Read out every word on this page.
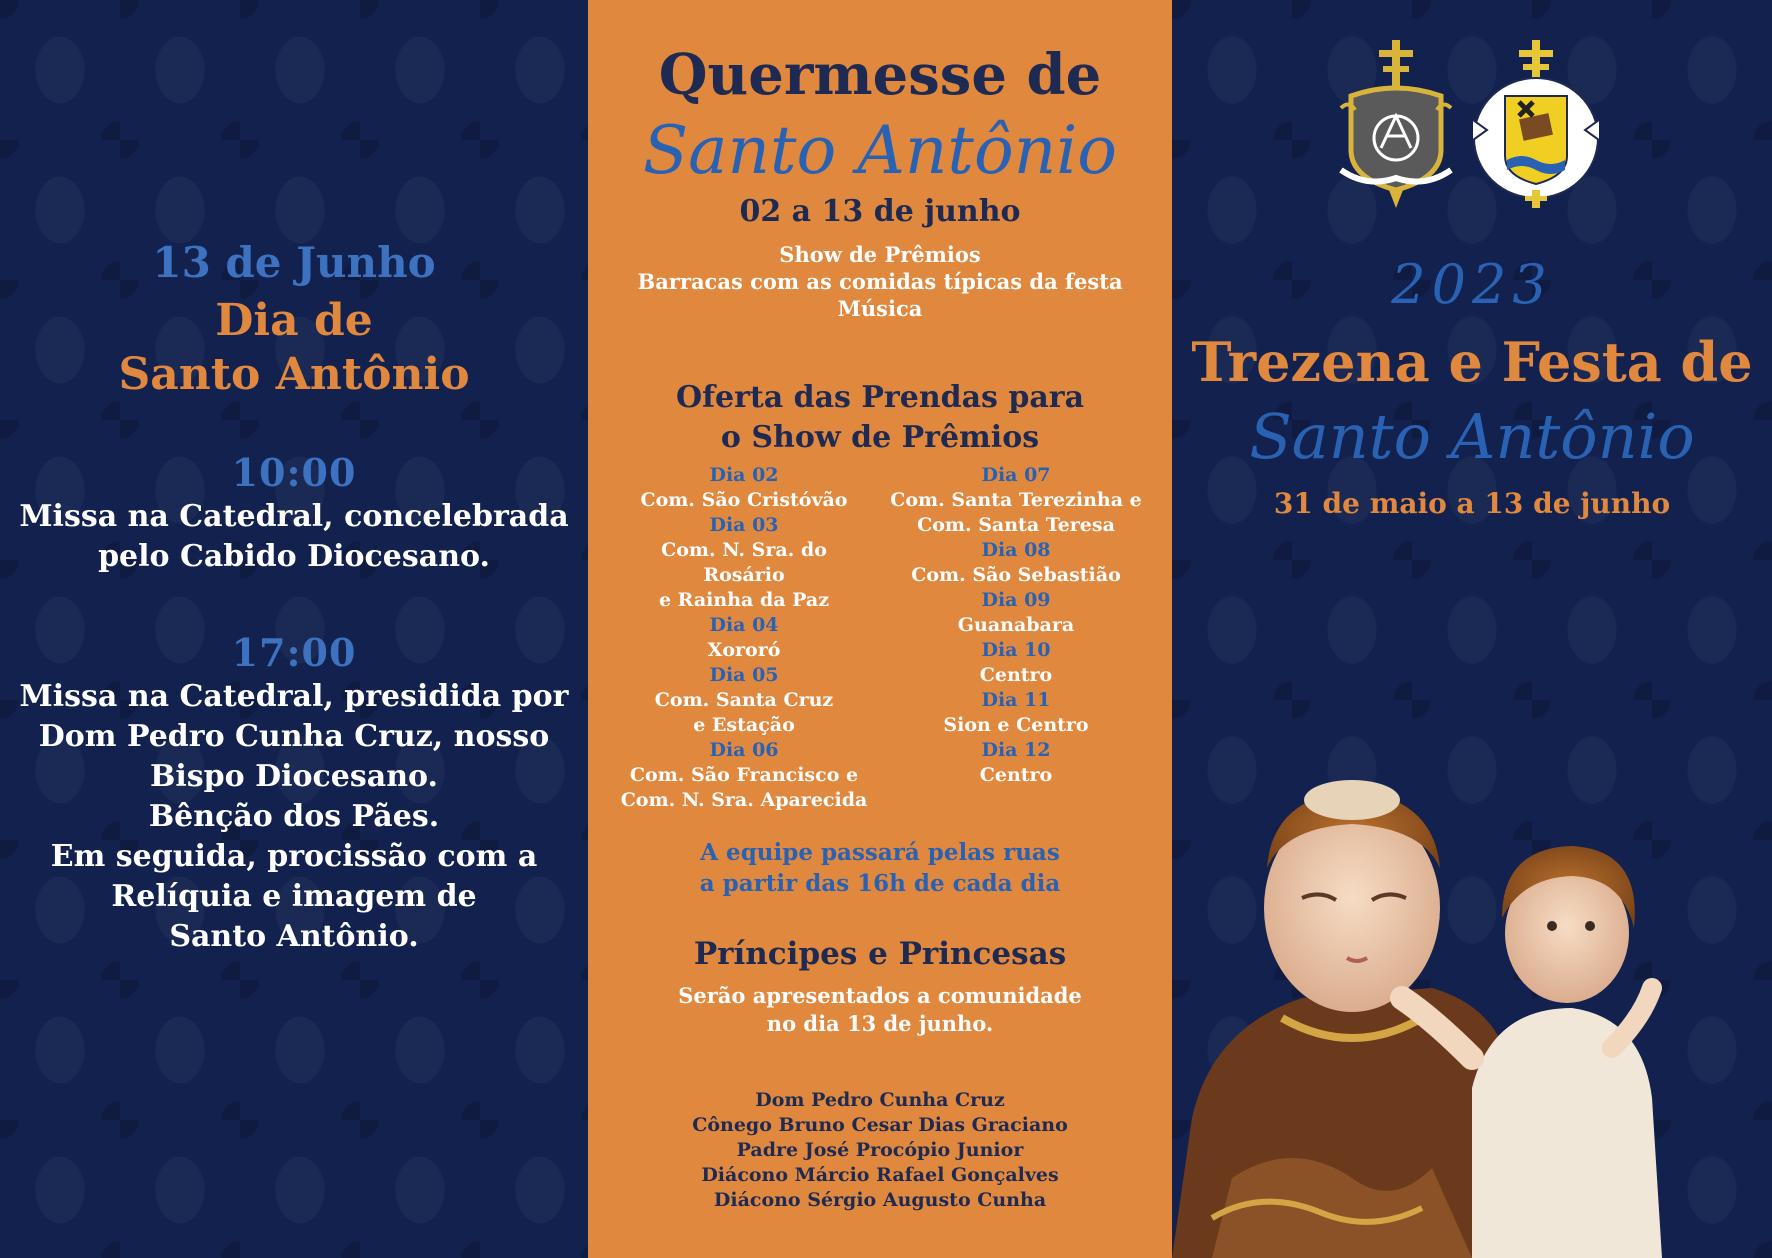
13 de Junho
Dia de
Santo Antônio
10:00
Missa na Catedral, concelebrada
pelo Cabido Diocesano.
17:00
Missa na Catedral, presidida por
Dom Pedro Cunha Cruz, nosso
Bispo Diocesano.
Bênção dos Pães.
Em seguida, procissão com a
Relíquia e imagem de
Santo Antônio.
Quermesse de
Santo Antônio
02 a 13 de junho
Show de Prêmios
Barracas com as comidas típicas da festa
Música
Oferta das Prendas para
o Show de Prêmios
Dia 02
Com. São Cristóvão
Dia 03
Com. N. Sra. do
Rosário
e Rainha da Paz
Dia 04
Xororó
Dia 05
Com. Santa Cruz
e Estação
Dia 06
Com. São Francisco e
Com. N. Sra. Aparecida
Dia 07
Com. Santa Terezinha e
Com. Santa Teresa
Dia 08
Com. São Sebastião
Dia 09
Guanabara
Dia 10
Centro
Dia 11
Sion e Centro
Dia 12
Centro
A equipe passará pelas ruas
a partir das 16h de cada dia
Príncipes e Princesas
Serão apresentados a comunidade
no dia 13 de junho.
Dom Pedro Cunha Cruz
Cônego Bruno Cesar Dias Graciano
Padre José Procópio Junior
Diácono Márcio Rafael Gonçalves
Diácono Sérgio Augusto Cunha
2023
Trezena e Festa de
Santo Antônio
31 de maio a 13 de junho
